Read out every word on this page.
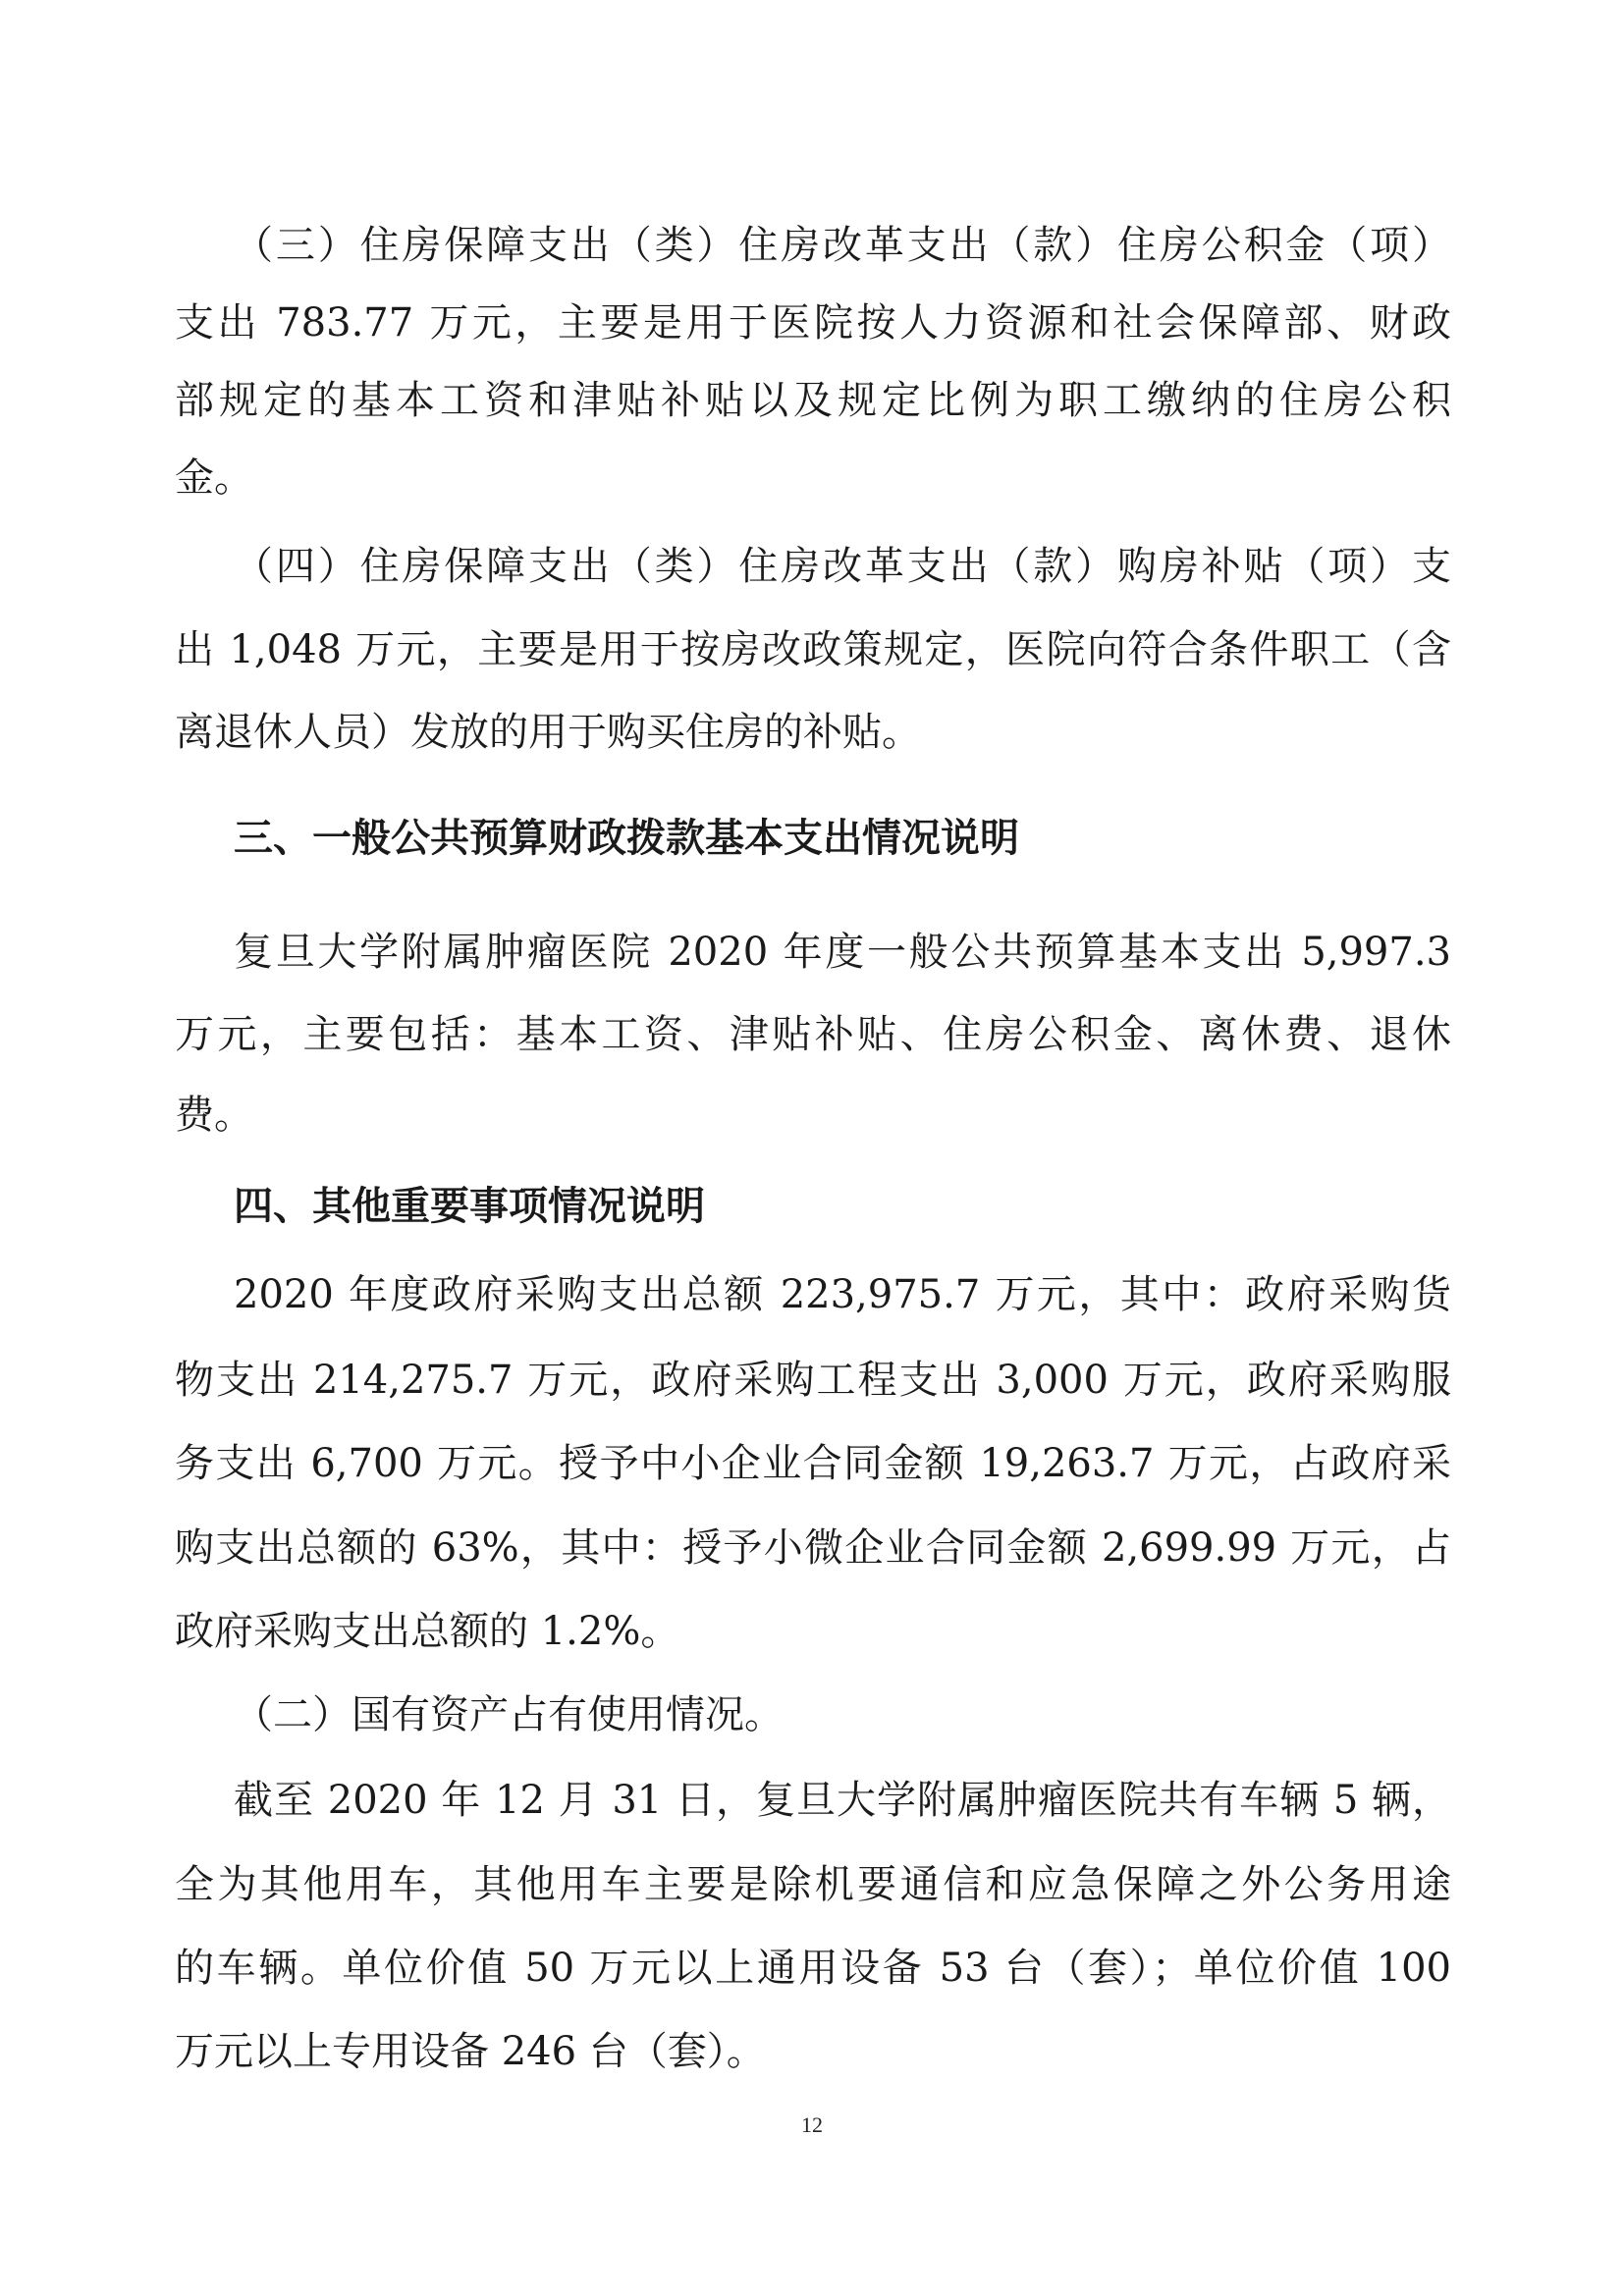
（三）住房保障支出（类）住房改革支出（款）住房公积金（项）

支出 783.77 万元，主要是用于医院按人力资源和社会保障部、财政

部规定的基本工资和津贴补贴以及规定比例为职工缴纳的住房公积

金。

（四）住房保障支出（类）住房改革支出（款）购房补贴（项）支

出 1,048 万元，主要是用于按房改政策规定，医院向符合条件职工（含

离退休人员）发放的用于购买住房的补贴。

三、一般公共预算财政拨款基本支出情况说明

复旦大学附属肿瘤医院 2020 年度一般公共预算基本支出 5,997.3

万元，主要包括：基本工资、津贴补贴、住房公积金、离休费、退休

费。

四、其他重要事项情况说明

2020 年度政府采购支出总额 223,975.7 万元，其中：政府采购货

物支出 214,275.7 万元，政府采购工程支出 3,000 万元，政府采购服

务支出 6,700 万元。授予中小企业合同金额 19,263.7 万元，占政府采

购支出总额的 63%，其中：授予小微企业合同金额 2,699.99 万元，占

政府采购支出总额的 1.2%。

（二）国有资产占有使用情况。

截至 2020 年 12 月 31 日，复旦大学附属肿瘤医院共有车辆 5 辆，

全为其他用车，其他用车主要是除机要通信和应急保障之外公务用途

的车辆。单位价值 50 万元以上通用设备 53 台（套）；单位价值 100

万元以上专用设备 246 台（套）。

12
